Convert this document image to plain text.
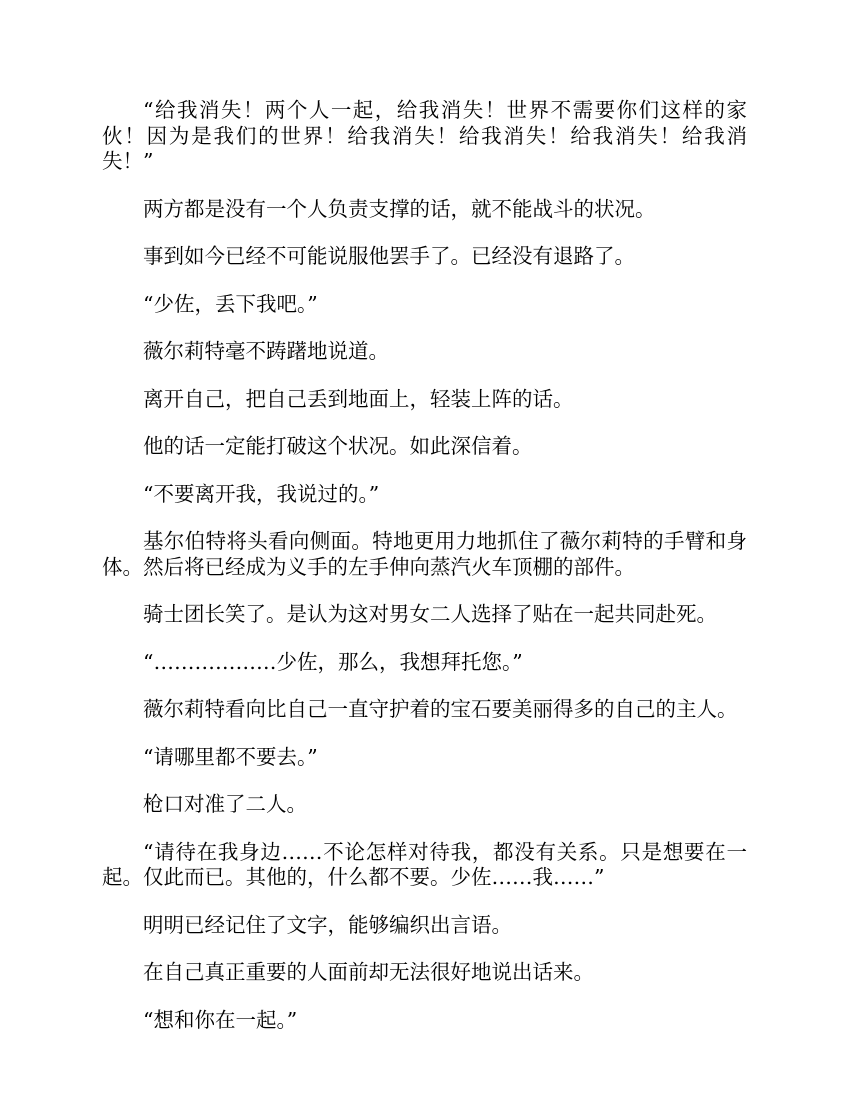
“给我消失！两个人一起，给我消失！世界不需要你们这样的家伙！因为是我们的世界！给我消失！给我消失！给我消失！给我消失！”

两方都是没有一个人负责支撑的话，就不能战斗的状况。

事到如今已经不可能说服他罢手了。已经没有退路了。

“少佐，丢下我吧。”

薇尔莉特毫不踌躇地说道。

离开自己，把自己丢到地面上，轻装上阵的话。

他的话一定能打破这个状况。如此深信着。

“不要离开我，我说过的。”

基尔伯特将头看向侧面。特地更用力地抓住了薇尔莉特的手臂和身体。然后将已经成为义手的左手伸向蒸汽火车顶棚的部件。

骑士团长笑了。是认为这对男女二人选择了贴在一起共同赴死。

“………………少佐，那么，我想拜托您。”

薇尔莉特看向比自己一直守护着的宝石要美丽得多的自己的主人。

“请哪里都不要去。”

枪口对准了二人。

“请待在我身边……不论怎样对待我，都没有关系。只是想要在一起。仅此而已。其他的，什么都不要。少佐……我……”

明明已经记住了文字，能够编织出言语。

在自己真正重要的人面前却无法很好地说出话来。

“想和你在一起。”
